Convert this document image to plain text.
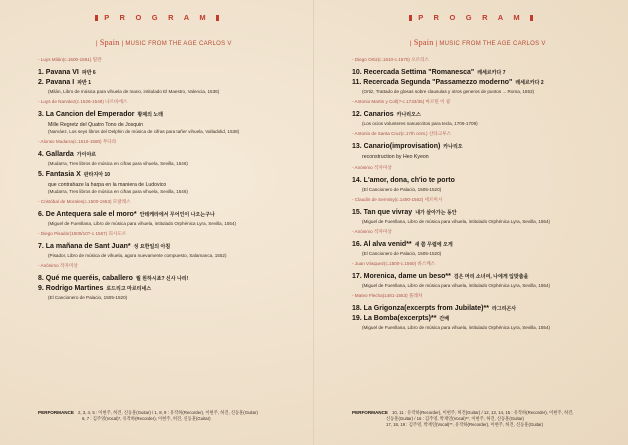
P R O G R A M
| Spain | MUSIC FROM THE AGE CARLOS V
- Luys Milán(c.1500-1561) 밀란
1. Pavana VI 파반 6
2. Pavana I 파반 1
(Milán, Libro de música para vihuela de mano, intitulado El Maestro, Valencia, 1536)
- Luys de Narváez(c.1526-1549) 나르바에스
3. La Cancion del Emperador 황제의 노래
Mille Regretz del Quatro Tono de Josquin
(Narváez, Los seys libros del Delphin de música de cifras para tañer vihuela, Valladolid, 1538)
- Alonso Mudarra(c.1510-1580) 무다라
4. Gallarda 가이야르
(Mudarra, Tres libros de música en cifras para vihuela, Sevilla, 1546)
5. Fantasia X 판타지아 10
que contrahaze la harpa en la maniera de Ludovico
(Mudarra, Tres libros de música en cifras para vihuela, Sevilla, 1546)
- Cristóbal de Morales(c.1500-1553) 모랄레스
6. De Antequera sale el moro* 안테케라에서 무어인이 나오는구나
(Miguel de Fuenllana, Libro de música para vihuela, intitulado Orphénica Lyra, Sevilla, 1554)
- Diego Pisador(1509/10?-c.1557) 피사도르
7. La mañana de Sant Juan* 성 요한일의 아침
(Pisador, Libro de música de vihuela, agora nuevamente compuesto, Salamanca, 1552)
- Anónimo 작자미상
8. Qué me queréis, caballero 뭘 원하시죠? 신사 나리!
9. Rodrigo Martines 로드리고 마르티네스
(El Cancionero de Palacio, 1505-1520)
PERFORMANCE 2, 3, 4, 5 : 이현주, 허견, 신동훈(Guitar) / 1, 8, 9 : 유작하(Recorder), 이현주, 허견, 신동훈(Guitar)
6, 7 : 김주영(Vocal)*, 유작하(Recorder), 이현주, 허견, 신동훈(Guitar)
P R O G R A M
| Spain | MUSIC FROM THE AGE CARLOS V
- Diego Ortiz(c.1510-c.1570) 오르티스
10. Recercada Settima "Romanesca" 레세르카다 7
11. Recercada Segunda "Passamezzo moderno" 레세르카다 2
(Ortiz, Trattado de glosas sobre clausulas y otros generos de puntos ... Roma, 1553)
- Antonio Martin y Coll(?-c.1733/35) 마르틴 이 콜
12. Canarios 카나리오스
(Los ocios volunteres nanuscritos para tecla, 1706-1709)
- Antonio de Santa Cruz(c.17th cent.) 산타크루스
13. Canario(improvisation) 카나리오
reconstruction by Heo Kyeon
- Anónimo 작자미상
14. L'amor, dona, ch'io te porto
(El Cancionero de Palacio, 1505-1520)
- Claudin de Sermisy(c.1490-1562) 세르미시
15. Tan que vivray 내가 살아가는 동안
(Miguel de Fuenllana, Libro de música para vihuela, intitulado Orphénica Lyra, Sevilla, 1554)
- Anónimo 작자미상
16. Al alva venid** 새 쯤 무렵에 오게
(El Cancionero de Palacio, 1505-1520)
- Juan Vásquez(c.1500-c.1560) 바스케스
17. Morenica, dame un beso** 검은 머리 소녀여, 나에게 입맞춤을
(Miguel de Fuenllana, Libro de música para vihuela, intitulado Orphénica Lyra, Sevilla, 1554)
- Mateo Flecha(1481-1553) 플레차
18. La Grigonza(excerpts from Jubilate)** 라그리곤사
19. La Bomba(excerpts)** 간배
(Miguel de Fuenllana, Libro de música para vihuela, intitulado Orphénica Lyra, Sevilla, 1554)
PERFORMANCE 10, 11 : 유작하(Recorder), 이현주, 허견(Guitar) / 12, 13, 14, 15 : 유작하(Recorder), 이현주, 허견,
신동훈(Guitar) / 16 : 김주영, 박재연(Vocal)**, 이현주, 허견, 신동훈(Guitar)
17, 18, 19 : 김주영, 박재연(Vocal)**, 유작하(Recorder), 이현주, 허견, 신동훈(Guitar)
